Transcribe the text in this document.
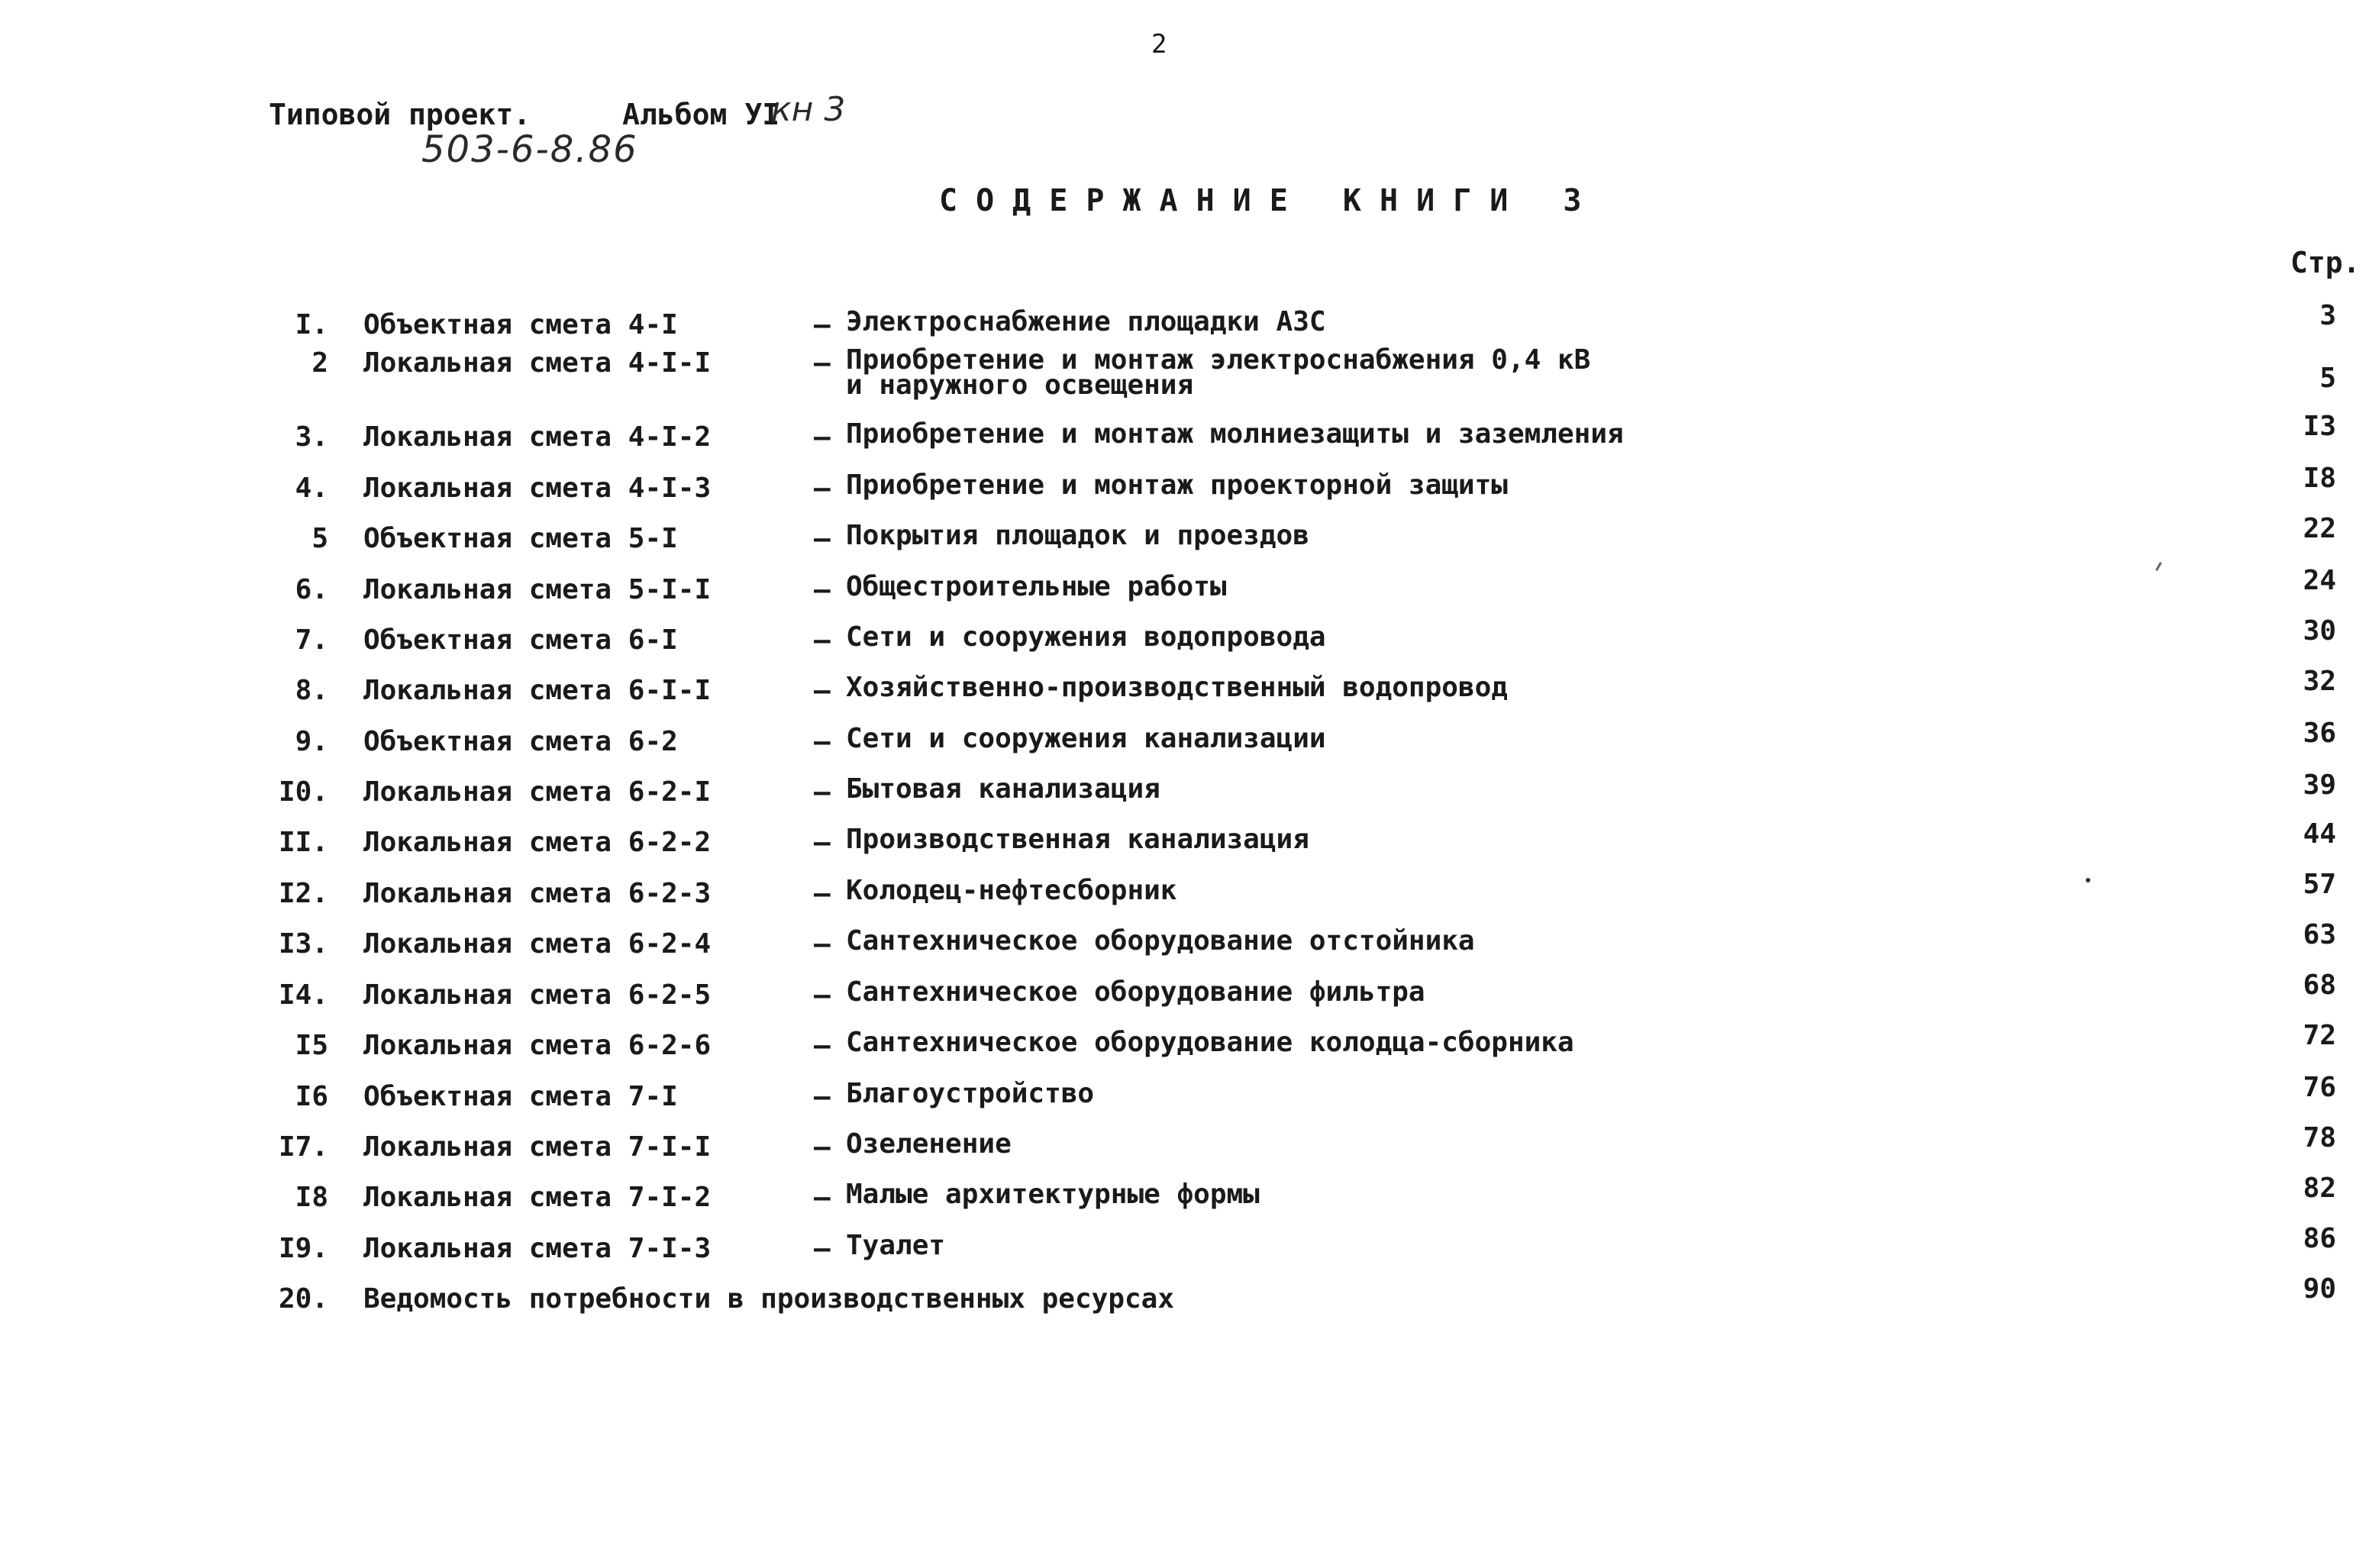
2
Типовой проект.	Альбом УI
кн 3
503-6-8.86
СОДЕРЖАНИЕ КНИГИ 3
Стр.
I. Объектная смета 4-I	– Электроснабжение площадки АЗС	3
2 Локальная смета 4-I-I	– Приобретение и монтаж электроснабжения 0,4 кВ
и наружного освещения	5
3. Локальная смета 4-I-2	– Приобретение и монтаж молниезащиты и заземления	I3
4. Локальная смета 4-I-3	– Приобретение и монтаж проекторной защиты	I8
5 Объектная смета 5-I	– Покрытия площадок и проездов	22
6. Локальная смета 5-I-I	– Общестроительные работы	24
7. Объектная смета 6-I	– Сети и сооружения водопровода	30
8. Локальная смета 6-I-I	– Хозяйственно-производственный водопровод	32
9. Объектная смета 6-2	– Сети и сооружения канализации	36
I0. Локальная смета 6-2-I	– Бытовая канализация	39
II. Локальная смета 6-2-2	– Производственная канализация	44
I2. Локальная смета 6-2-3	– Колодец-нефтесборник	57
I3. Локальная смета 6-2-4	– Сантехническое оборудование отстойника	63
I4. Локальная смета 6-2-5	– Сантехническое оборудование фильтра	68
I5 Локальная смета 6-2-6	– Сантехническое оборудование колодца-сборника	72
I6 Объектная смета 7-I	– Благоустройство	76
I7. Локальная смета 7-I-I	– Озеленение	78
I8 Локальная смета 7-I-2	– Малые архитектурные формы	82
I9. Локальная смета 7-I-3	– Туалет	86
20. Ведомость потребности в производственных ресурсах	90
